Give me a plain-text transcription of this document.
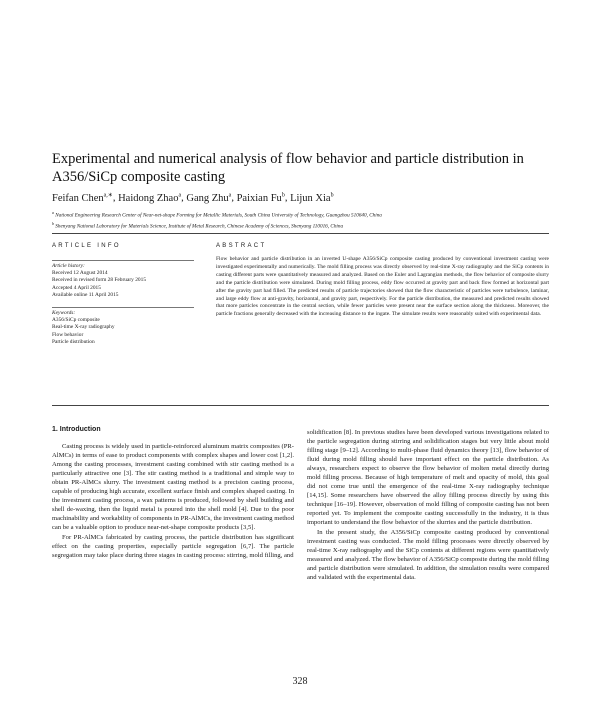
Experimental and numerical analysis of flow behavior and particle distribution in A356/SiCp composite casting
Feifan Chen$^{a,∗}$, Haidong Zhao$^a$, Gang Zhu$^a$, Paixian Fu$^b$, Lijun Xia$^b$
$^a$ National Engineering Research Center of Near-net-shape Forming for Metallic Materials, South China University of Technology, Guangzhou 510640, China
$^b$ Shenyang National Laboratory for Materials Science, Institute of Metal Research, Chinese Academy of Sciences, Shenyang 110016, China
ARTICLE INFO	ABSTRACT
Article history:
Received 12 August 2014
Received in revised form 28 February 2015
Accepted 4 April 2015
Available online 11 April 2015
Keywords:
A356/SiCp composite
Real-time X-ray radiography
Flow behavior
Particle distribution

Flow behavior and particle distribution in an inverted U-shape A356/SiCp composite casting produced by conventional investment casting were investigated experimentally and numerically. The mold filling process was directly observed by real-time X-ray radiography and the SiCp contents in casting different parts were quantitatively measured and analyzed. Based on the Euler and Lagrangian methods, the flow behavior of composite slurry and the particle distribution were simulated. During mold filling process, eddy flow occurred at gravity part and back flow formed at horizontal part after the gravity part had filled. The predicted results of particle trajectories showed that the flow characteristic of particles were turbulence, laminar, and large eddy flow at anti-gravity, horizontal, and gravity part, respectively. For the particle distribution, the measured and predicted results showed that more particles concentrate in the central section, while fewer particles were present near the surface section along the thickness. Moreover, the particle fractions generally decreased with the increasing distance to the ingate. The simulate results were reasonably suited with experimental data.

1. Introduction

Casting process is widely used in particle-reinforced aluminum matrix composites (PR-AlMCs) in terms of ease to product components with complex shapes and lower cost [1,2]. Among the casting processes, investment casting combined with stir casting method is a particularly attractive one [3]. The stir casting method is a traditional and simple way to obtain PR-AlMCs slurry. The investment casting method is a precision casting process, capable of producing high accurate, excellent surface finish and complex shaped casting. In the investment casting process, a wax patterns is produced, followed by shell building and shell de-waxing, then the liquid metal is poured into the shell mold [4]. Due to the poor machinability and workability of components in PR-AlMCs, the investment casting method can be a valuable option to produce near-net-shape composite products [3,5].

For PR-AlMCs fabricated by casting process, the particle distribution has significant effect on the casting properties, especially particle segregation [6,7]. The particle segregation may take place during three stages in casting process: stirring, mold filling, and

solidification [8]. In previous studies have been developed various investigations related to the particle segregation during stirring and solidification stages but very little about mold filling stage [9–12]. According to multi-phase fluid dynamics theory [13], flow behavior of fluid during mold filling should have important effect on the particle distribution. As always, researchers expect to observe the flow behavior of molten metal directly during mold filling process. Because of high temperature of melt and opacity of mold, this goal did not come true until the emergence of the real-time X-ray radiography technique [14,15]. Some researchers have observed the alloy filling process directly by using this technique [16–19]. However, observation of mold filling of composite casting has not been reported yet. To implement the composite casting successfully in the industry, it is thus important to understand the flow behavior of the slurries and the particle distribution.

In the present study, the A356/SiCp composite casting produced by conventional investment casting was conducted. The mold filling processes were directly observed by real-time X-ray radiography and the SiCp contents at different regions were quantitatively measured and analyzed. The flow behavior of A356/SiCp composite during the mold filling and particle distribution were simulated. In addition, the simulation results were compared and validated with the experimental data.

328
